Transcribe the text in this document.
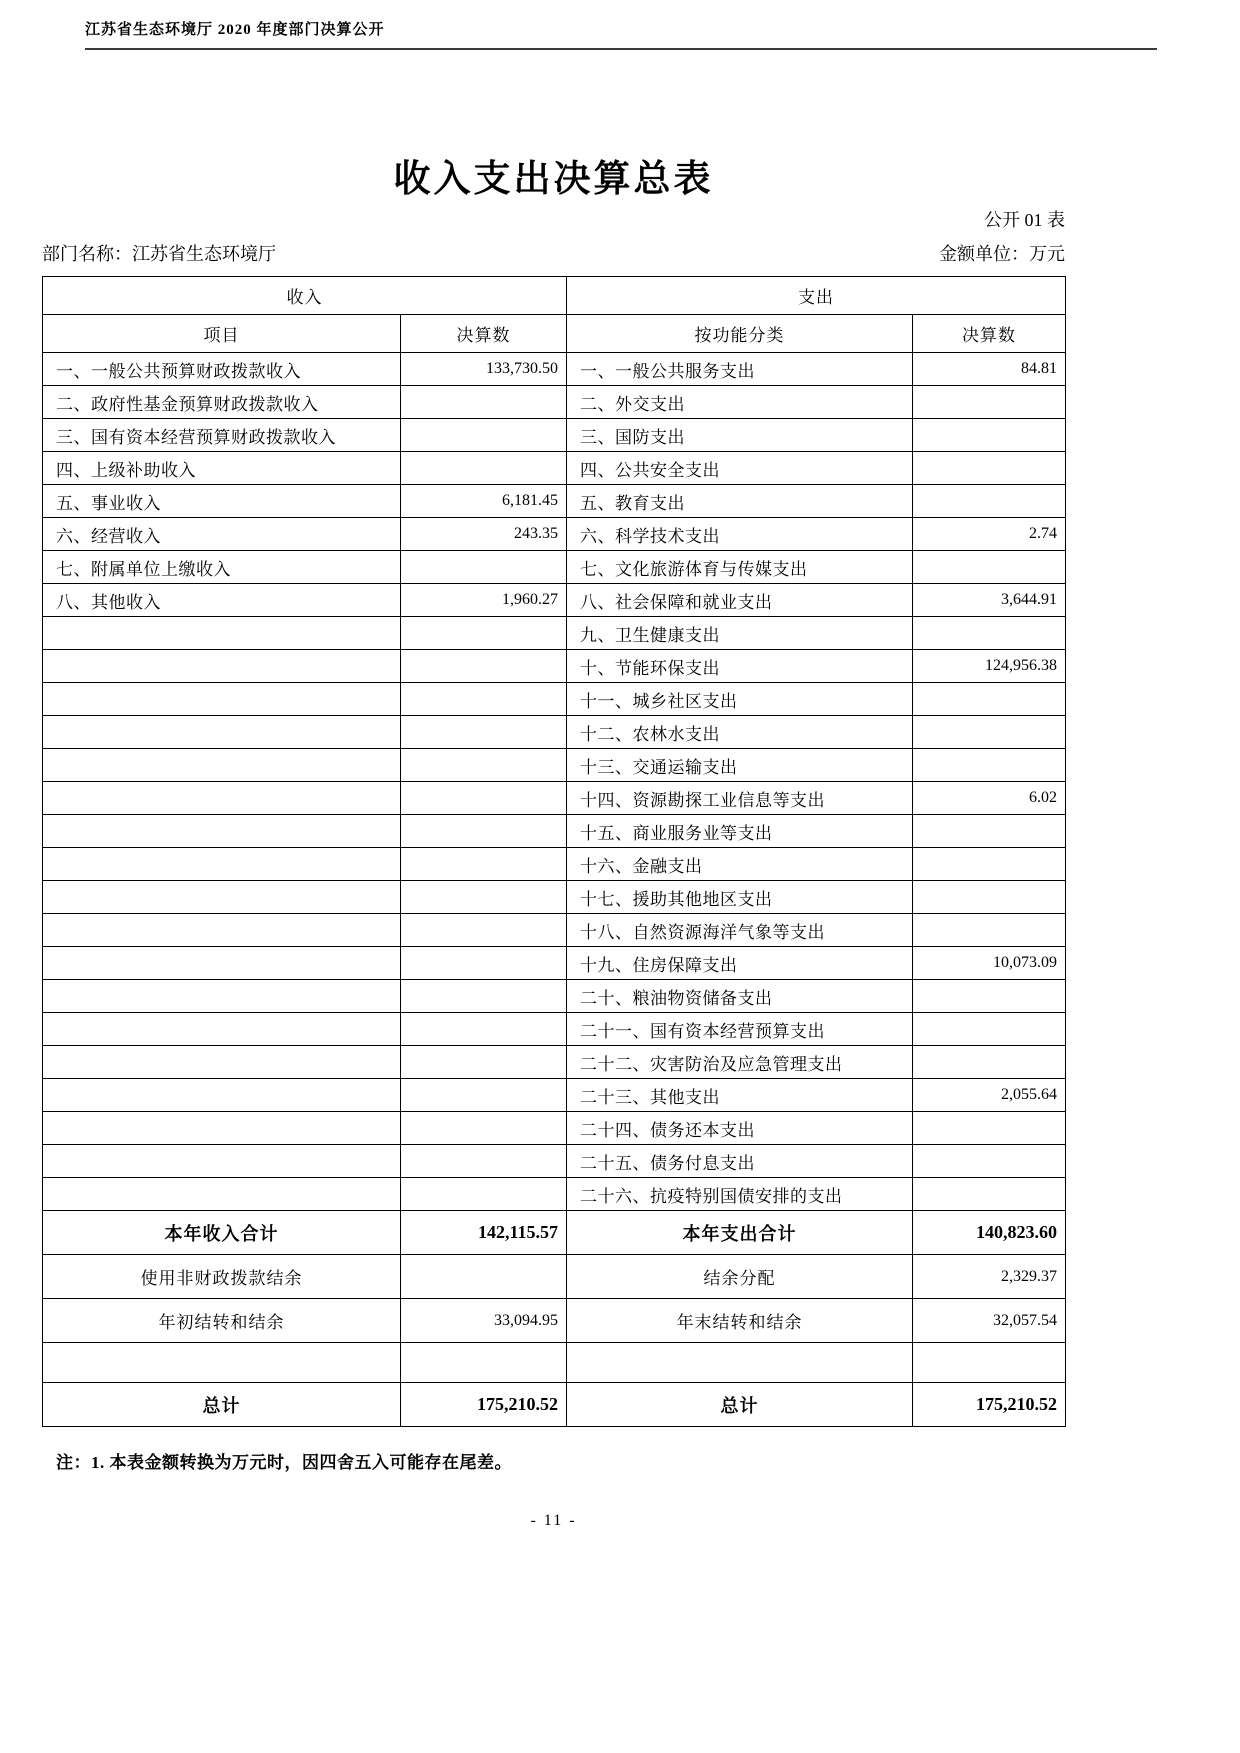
江苏省生态环境厅 2020 年度部门决算公开
收入支出决算总表
公开 01 表
部门名称：江苏省生态环境厅	金额单位：万元
收入		支出	
项目	决算数	按功能分类	决算数
一、一般公共预算财政拨款收入	133,730.50	一、一般公共服务支出	84.81
二、政府性基金预算财政拨款收入		二、外交支出	
三、国有资本经营预算财政拨款收入		三、国防支出	
四、上级补助收入		四、公共安全支出	
五、事业收入	6,181.45	五、教育支出	
六、经营收入	243.35	六、科学技术支出	2.74
七、附属单位上缴收入		七、文化旅游体育与传媒支出	
八、其他收入	1,960.27	八、社会保障和就业支出	3,644.91
		九、卫生健康支出	
		十、节能环保支出	124,956.38
		十一、城乡社区支出	
		十二、农林水支出	
		十三、交通运输支出	
		十四、资源勘探工业信息等支出	6.02
		十五、商业服务业等支出	
		十六、金融支出	
		十七、援助其他地区支出	
		十八、自然资源海洋气象等支出	
		十九、住房保障支出	10,073.09
		二十、粮油物资储备支出	
		二十一、国有资本经营预算支出	
		二十二、灾害防治及应急管理支出	
		二十三、其他支出	2,055.64
		二十四、债务还本支出	
		二十五、债务付息支出	
		二十六、抗疫特别国债安排的支出	
本年收入合计	142,115.57	本年支出合计	140,823.60
使用非财政拨款结余		结余分配	2,329.37
年初结转和结余	33,094.95	年末结转和结余	32,057.54

总计	175,210.52	总计	175,210.52
注：1. 本表金额转换为万元时，因四舍五入可能存在尾差。
- 11 -
